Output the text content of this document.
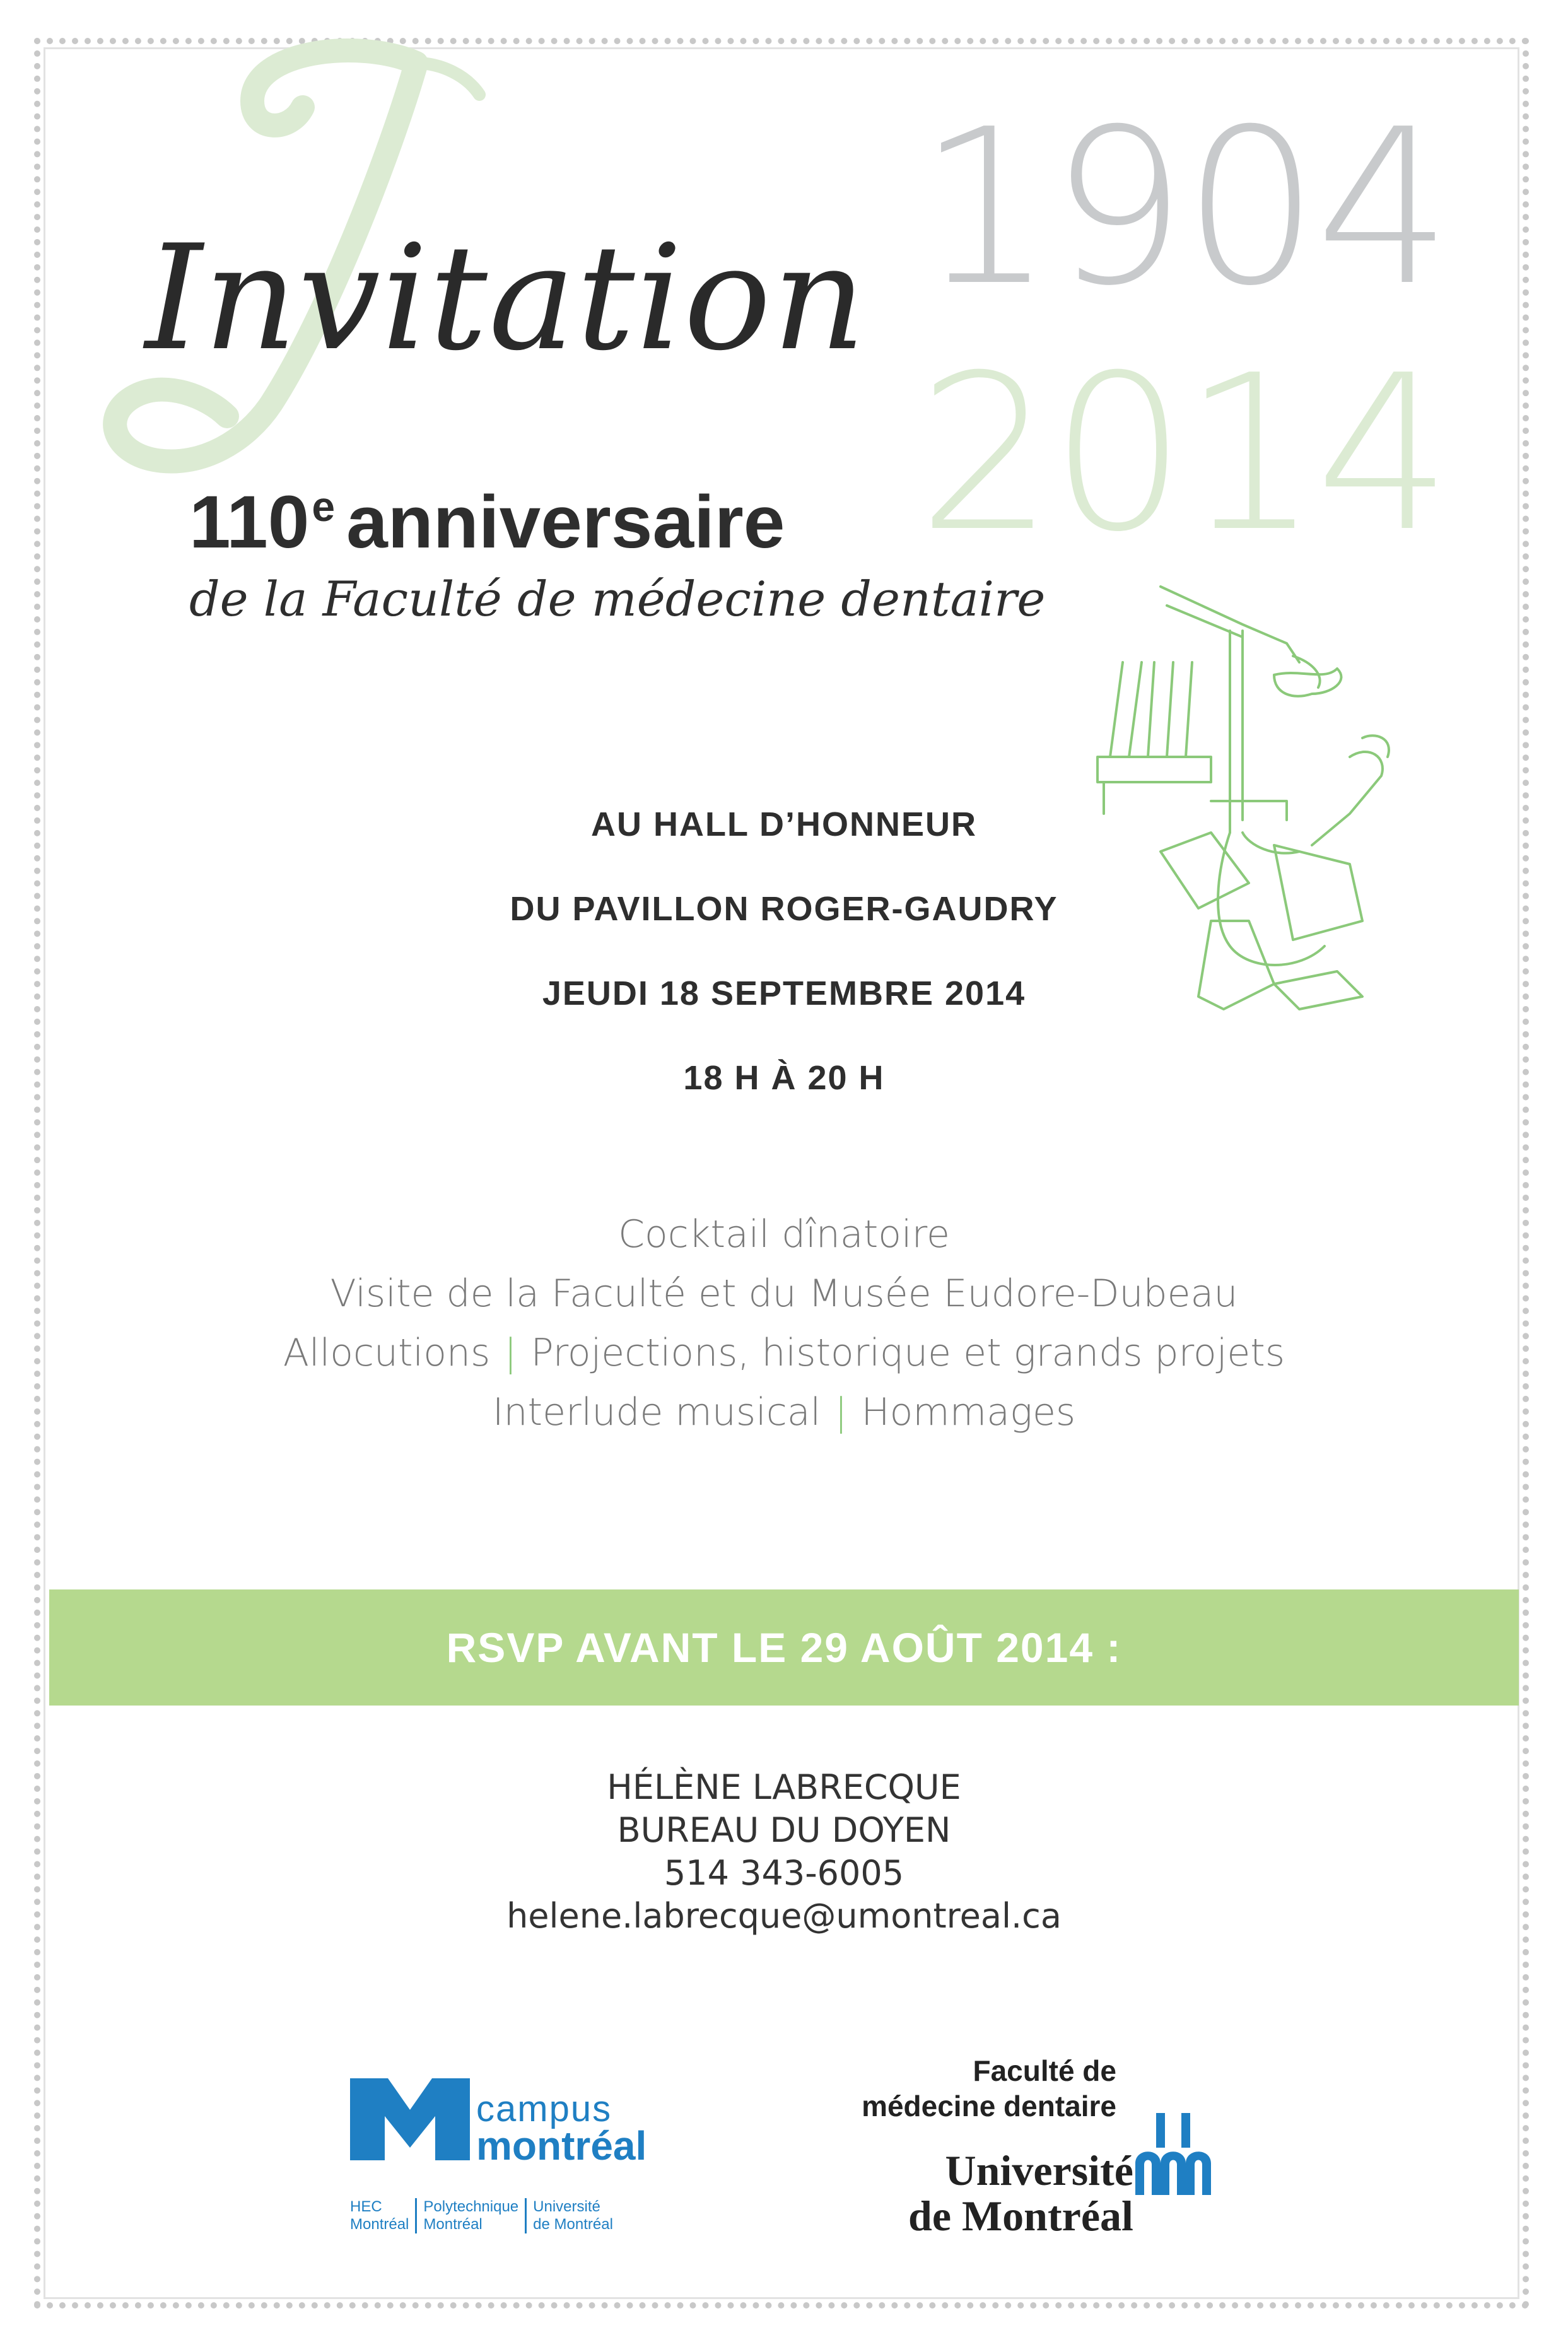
Invitation 1904
2014
110e anniversaire
de la Faculté de médecine dentaire
AU HALL D’HONNEUR
DU PAVILLON ROGER-GAUDRY
JEUDI 18 SEPTEMBRE 2014
18 H À 20 H
Cocktail dînatoire
Visite de la Faculté et du Musée Eudore-Dubeau
Allocutions | Projections, historique et grands projets
Interlude musical | Hommages
RSVP AVANT LE 29 AOÛT 2014 :
HÉLÈNE LABRECQUE
BUREAU DU DOYEN
514 343-6005
helene.labrecque@umontreal.ca
campus
montréal
HEC
Montréal
Polytechnique
Montréal
Université
de Montréal
Faculté de
médecine dentaire
Université
de Montréal
